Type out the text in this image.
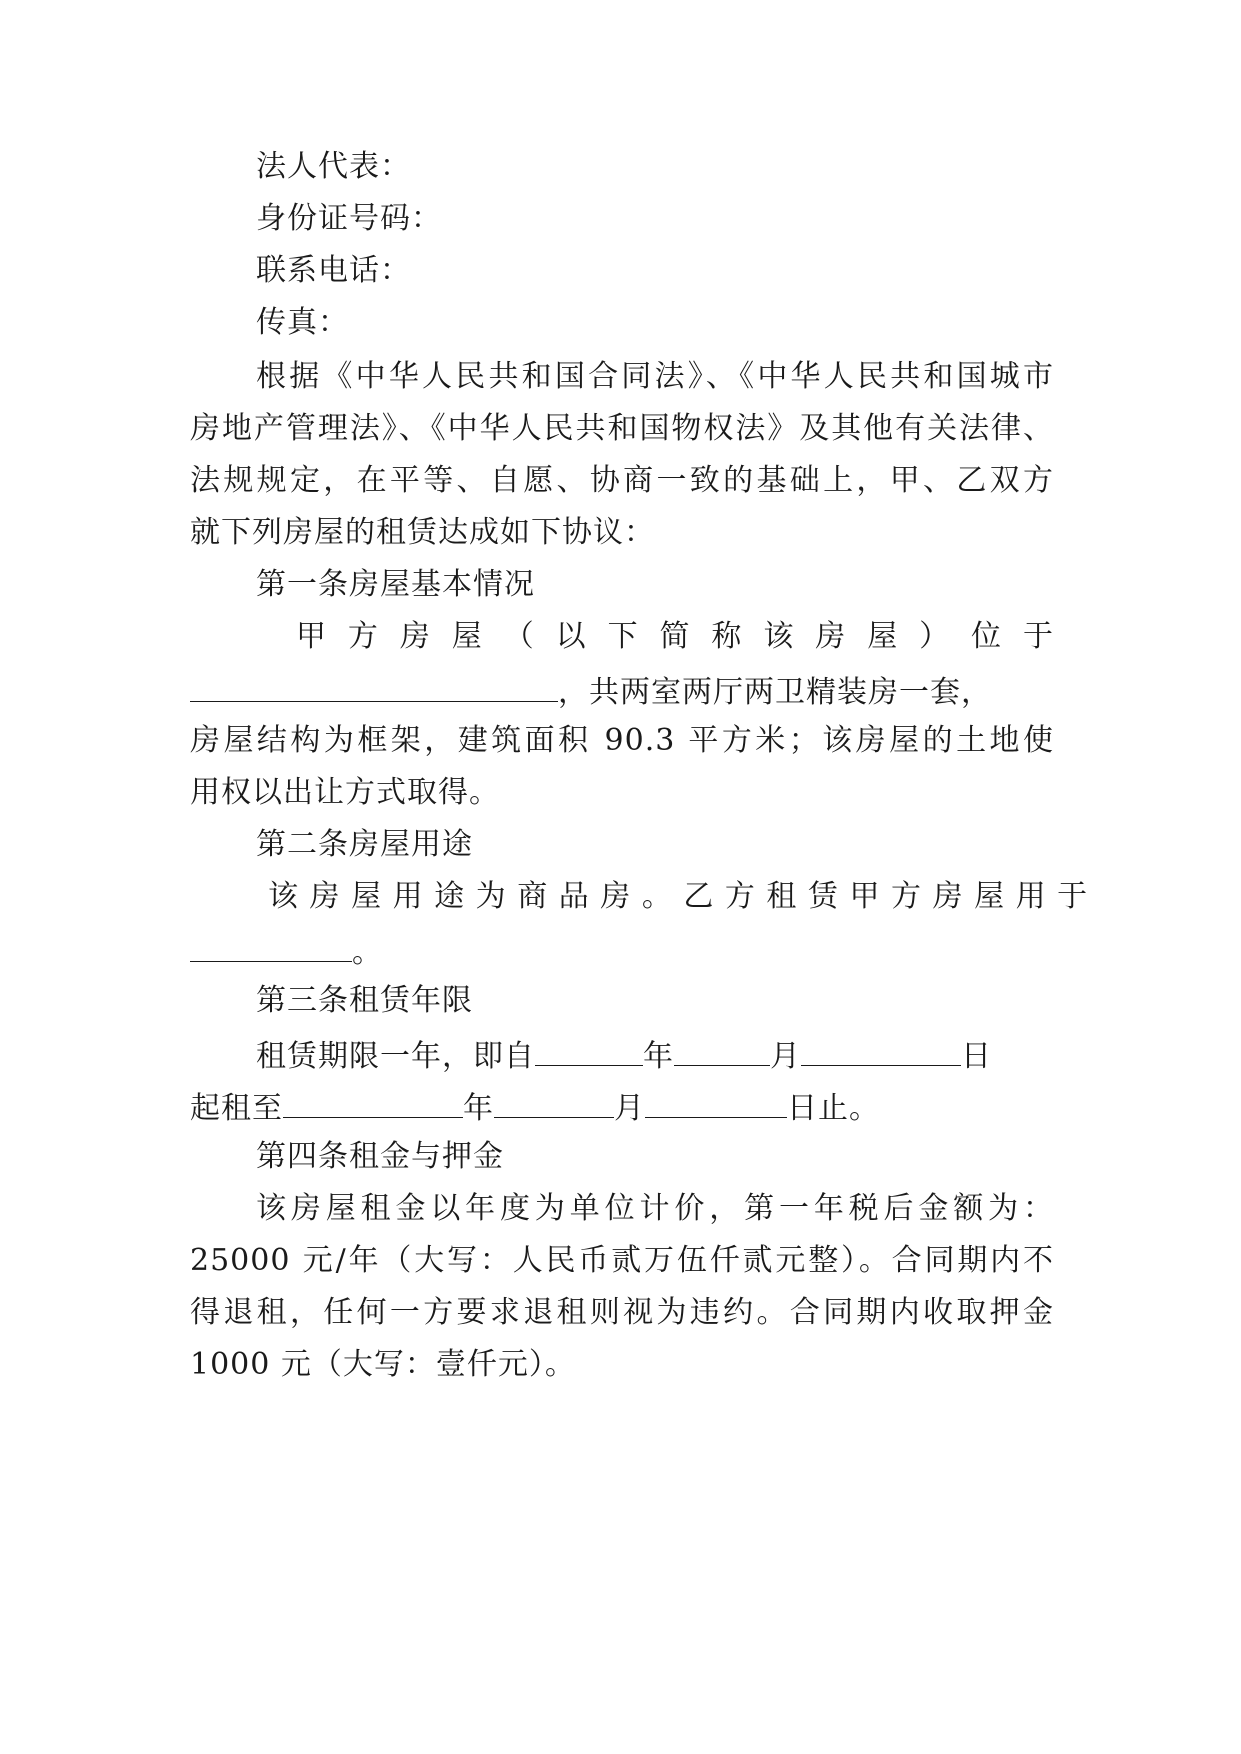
法人代表：
身份证号码：
联系电话：
传真：
根据《中华人民共和国合同法》、《中华人民共和国城市
房地产管理法》、《中华人民共和国物权法》及其他有关法律、
法规规定，在平等、自愿、协商一致的基础上，甲、乙双方
就下列房屋的租赁达成如下协议：
第一条房屋基本情况
甲 方 房 屋 （ 以 下 简 称 该 房 屋 ） 位 于
，共两室两厅两卫精装房一套，
房屋结构为框架，建筑面积 90.3 平方米；该房屋的土地使
用权以出让方式取得。
第二条房屋用途
该 房 屋 用 途 为 商 品 房 。 乙 方 租 赁 甲 方 房 屋 用 于
。
第三条租赁年限
租赁期限一年，即自	年	月	日
起租至	年	月	日止。
第四条租金与押金
该房屋租金以年度为单位计价，第一年税后金额为：
25000 元/年（大写：人民币贰万伍仟贰元整）。合同期内不
得退租，任何一方要求退租则视为违约。合同期内收取押金
1000 元（大写：壹仟元）。
